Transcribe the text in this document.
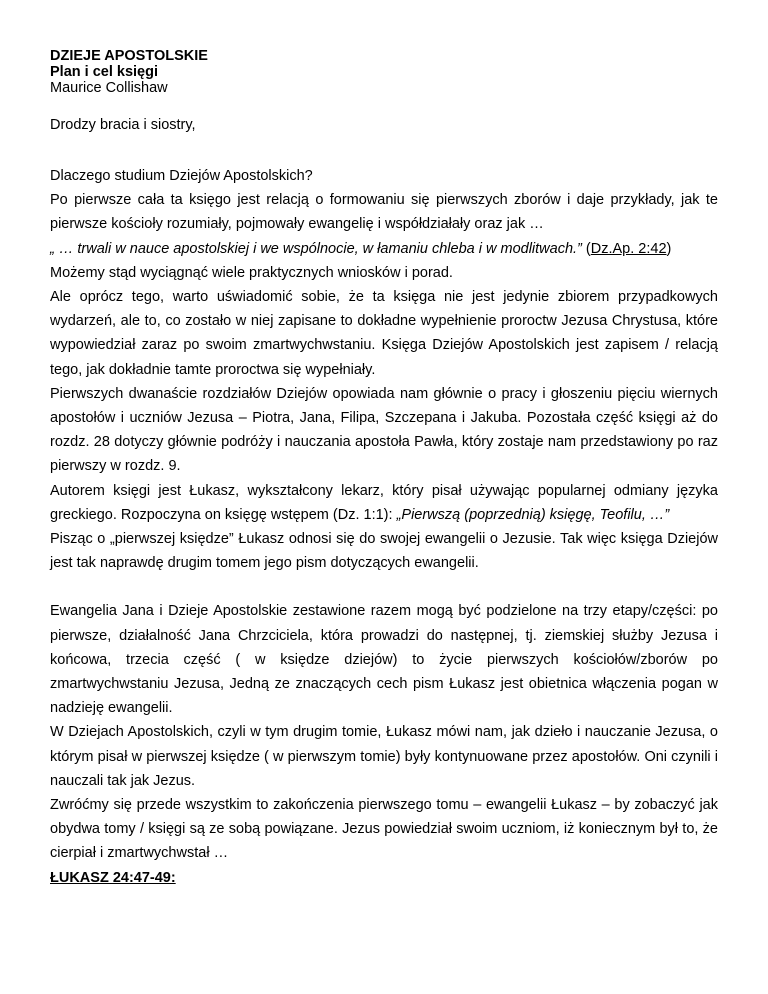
DZIEJE APOSTOLSKIE

Plan i cel księgi

Maurice Collishaw

Drodzy bracia i siostry,

Dlaczego studium Dziejów Apostolskich?

Po pierwsze cała ta księgo jest relacją o formowaniu się pierwszych zborów i daje przykłady, jak te pierwsze kościoły rozumiały, pojmowały ewangelię i współdziałały oraz jak …

„ … trwali w nauce apostolskiej i we wspólnocie, w łamaniu chleba i w modlitwach.” (Dz.Ap. 2:42)

Możemy stąd wyciągnąć wiele praktycznych wniosków i porad.

Ale oprócz tego, warto uświadomić sobie, że ta księga nie jest jedynie zbiorem przypadkowych wydarzeń, ale to, co zostało w niej zapisane to dokładne wypełnienie proroctw Jezusa Chrystusa, które wypowiedział zaraz po swoim zmartwychwstaniu. Księga Dziejów Apostolskich jest zapisem / relacją tego, jak dokładnie tamte proroctwa się wypełniały.

Pierwszych dwanaście rozdziałów Dziejów opowiada nam głównie o pracy i głoszeniu pięciu wiernych apostołów i uczniów Jezusa – Piotra, Jana, Filipa, Szczepana i Jakuba. Pozostała część księgi aż do rozdz. 28 dotyczy głównie podróży i nauczania apostoła Pawła, który zostaje nam przedstawiony po raz pierwszy w rozdz. 9.

Autorem księgi jest Łukasz, wykształcony lekarz, który pisał używając popularnej odmiany języka greckiego. Rozpoczyna on księgę wstępem (Dz. 1:1): „Pierwszą (poprzednią) księgę, Teofilu, …”

Pisząc o „pierwszej księdze” Łukasz odnosi się do swojej ewangelii o Jezusie. Tak więc księga Dziejów jest tak naprawdę drugim tomem jego pism dotyczących ewangelii.

Ewangelia Jana i Dzieje Apostolskie zestawione razem mogą być podzielone na trzy etapy/części: po pierwsze, działalność Jana Chrzciciela, która prowadzi do następnej, tj. ziemskiej służby Jezusa i końcowa, trzecia część ( w księdze dziejów) to życie pierwszych kościołów/zborów po zmartwychwstaniu Jezusa, Jedną ze znaczących cech pism Łukasz jest obietnica włączenia pogan w nadzieję ewangelii.

W Dziejach Apostolskich, czyli w tym drugim tomie, Łukasz mówi nam, jak dzieło i nauczanie Jezusa, o którym pisał w pierwszej księdze ( w pierwszym tomie) były kontynuowane przez apostołów. Oni czynili i nauczali tak jak Jezus.

Zwróćmy się przede wszystkim to zakończenia pierwszego tomu – ewangelii Łukasz – by zobaczyć jak obydwa tomy / księgi są ze sobą powiązane. Jezus powiedział swoim uczniom, iż koniecznym był to, że cierpiał i zmartwychwstał …

ŁUKASZ 24:47-49:
